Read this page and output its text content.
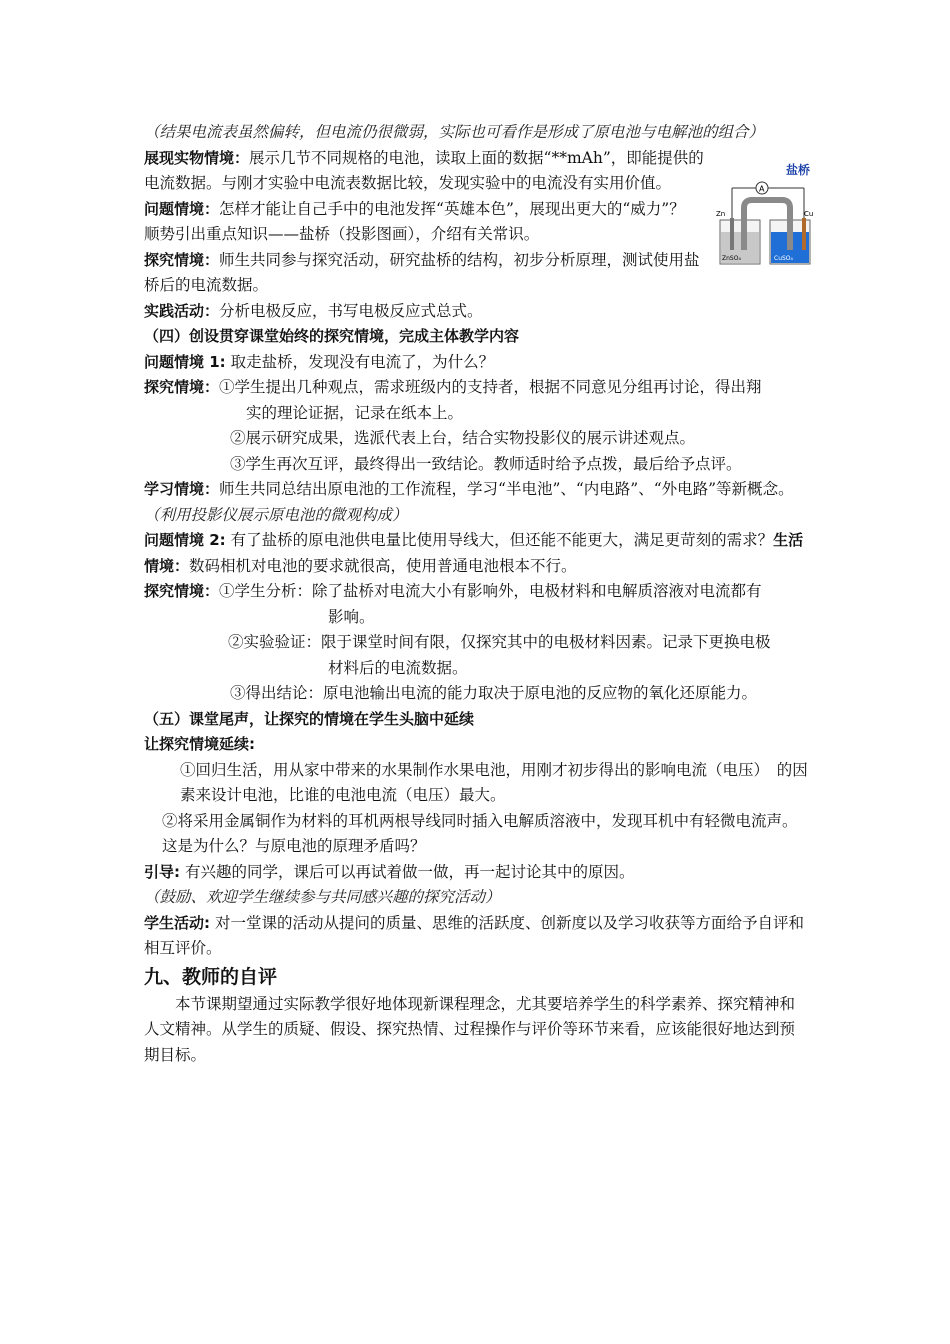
（结果电流表虽然偏转，但电流仍很微弱，实际也可看作是形成了原电池与电解池的组合）

盐桥
A
Zn	Cu
ZnSO₄	CuSO₄

展现实物情境：展示几节不同规格的电池，读取上面的数据“**mAh”，即能提供的电流数据。与刚才实验中电流表数据比较，发现实验中的电流没有实用价值。

问题情境：怎样才能让自己手中的电池发挥“英雄本色”，展现出更大的“威力”？

顺势引出重点知识——盐桥（投影图画），介绍有关常识。

探究情境：师生共同参与探究活动，研究盐桥的结构，初步分析原理，测试使用盐桥后的电流数据。

实践活动：分析电极反应，书写电极反应式总式。

（四）创设贯穿课堂始终的探究情境，完成主体教学内容

问题情境 1: 取走盐桥，发现没有电流了，为什么？

探究情境：①学生提出几种观点，需求班级内的支持者，根据不同意见分组再讨论，得出翔

实的理论证据，记录在纸本上。

②展示研究成果，选派代表上台，结合实物投影仪的展示讲述观点。

③学生再次互评，最终得出一致结论。教师适时给予点拨，最后给予点评。

学习情境：师生共同总结出原电池的工作流程，学习“半电池”、“内电路”、“外电路”等新概念。

（利用投影仪展示原电池的微观构成）

问题情境 2: 有了盐桥的原电池供电量比使用导线大，但还能不能更大，满足更苛刻的需求？生活情境：数码相机对电池的要求就很高，使用普通电池根本不行。

探究情境：①学生分析：除了盐桥对电流大小有影响外，电极材料和电解质溶液对电流都有

影响。

②实验验证：限于课堂时间有限，仅探究其中的电极材料因素。记录下更换电极

材料后的电流数据。

③得出结论：原电池输出电流的能力取决于原电池的反应物的氧化还原能力。

（五）课堂尾声，让探究的情境在学生头脑中延续

让探究情境延续:

①回归生活，用从家中带来的水果制作水果电池，用刚才初步得出的影响电流（电压）　的因素来设计电池，比谁的电池电流（电压）最大。

②将采用金属铜作为材料的耳机两根导线同时插入电解质溶液中，发现耳机中有轻微电流声。这是为什么？与原电池的原理矛盾吗？

引导: 有兴趣的同学，课后可以再试着做一做，再一起讨论其中的原因。

（鼓励、欢迎学生继续参与共同感兴趣的探究活动）

学生活动: 对一堂课的活动从提问的质量、思维的活跃度、创新度以及学习收获等方面给予自评和相互评价。

九、教师的自评

本节课期望通过实际教学很好地体现新课程理念，尤其要培养学生的科学素养、探究精神和人文精神。从学生的质疑、假设、探究热情、过程操作与评价等环节来看，应该能很好地达到预期目标。
